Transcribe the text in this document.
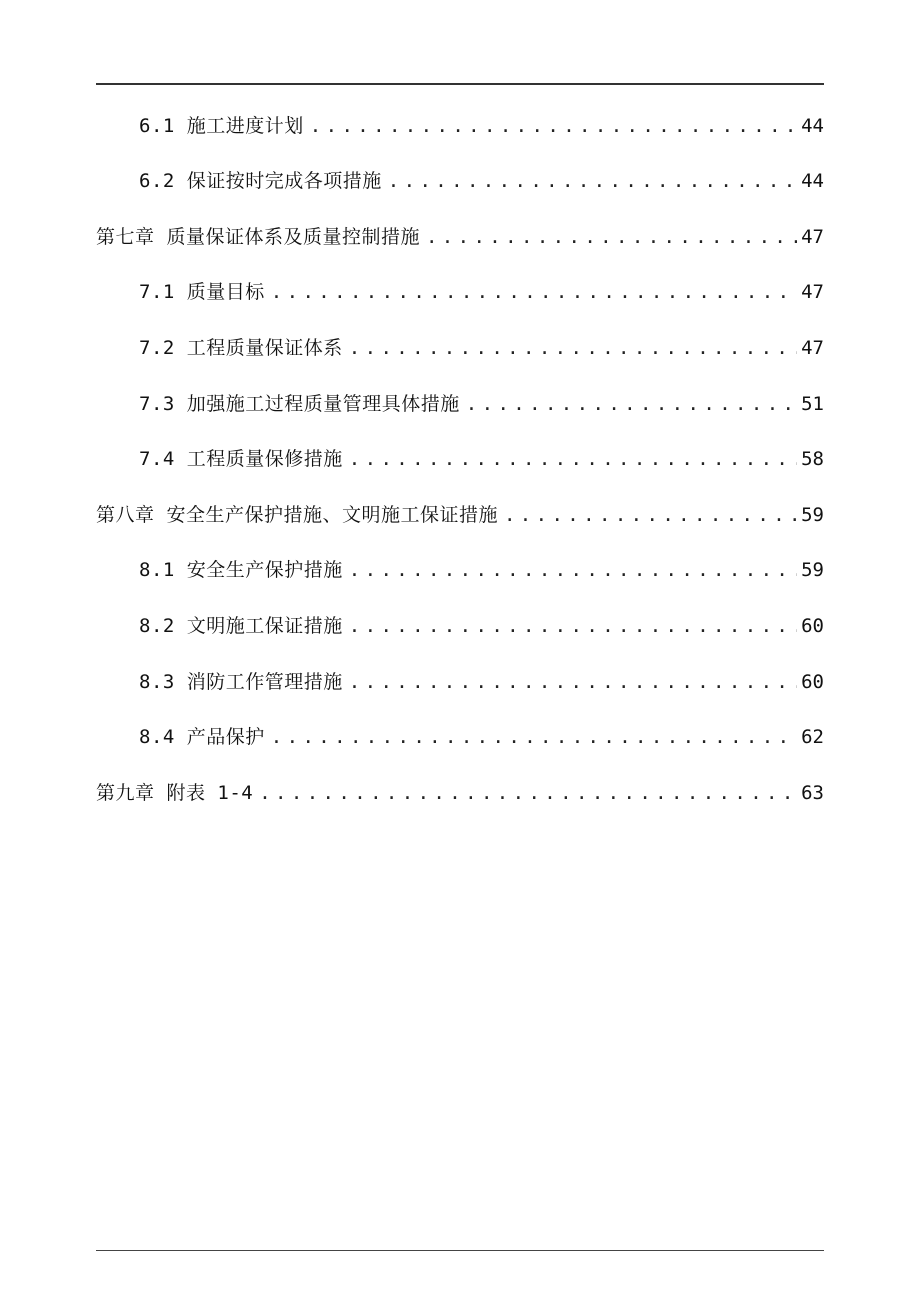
6.1 施工进度计划 .....	44
6.2 保证按时完成各项措施 .....	44
第七章 质量保证体系及质量控制措施 .....	47
7.1 质量目标 .....	47
7.2 工程质量保证体系 .....	47
7.3 加强施工过程质量管理具体措施 .....	51
7.4 工程质量保修措施 .....	58
第八章 安全生产保护措施、文明施工保证措施 .....	59
8.1 安全生产保护措施 .....	59
8.2 文明施工保证措施 .....	60
8.3 消防工作管理措施 .....	60
8.4 产品保护 .....	62
第九章 附表 1-4 .....	63
